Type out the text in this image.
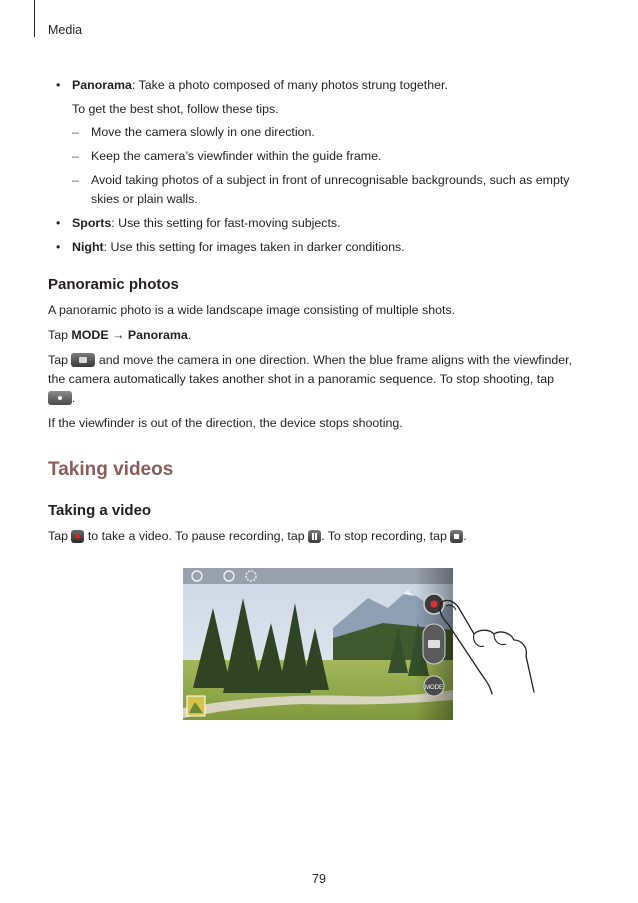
Media
• Panorama: Take a photo composed of many photos strung together.
To get the best shot, follow these tips.
– Move the camera slowly in one direction.
– Keep the camera’s viewfinder within the guide frame.
– Avoid taking photos of a subject in front of unrecognisable backgrounds, such as empty skies or plain walls.
• Sports: Use this setting for fast-moving subjects.
• Night: Use this setting for images taken in darker conditions.
Panoramic photos

A panoramic photo is a wide landscape image consisting of multiple shots.

Tap MODE → Panorama.

Tap  and move the camera in one direction. When the blue frame aligns with the viewfinder, the camera automatically takes another shot in a panoramic sequence. To stop shooting, tap .

If the viewfinder is out of the direction, the device stops shooting.

Taking videos
Taking a video

Tap  to take a video. To pause recording, tap . To stop recording, tap .

MODE
79
